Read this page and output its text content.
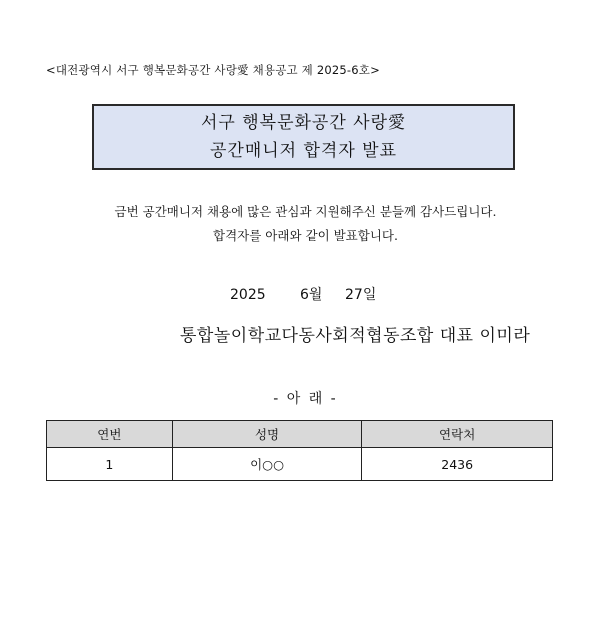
<대전광역시 서구 행복문화공간 사랑愛 채용공고 제 2025-6호>
서구 행복문화공간 사랑愛
공간매니저 합격자 발표
금번 공간매니저 채용에 많은 관심과 지원해주신 분들께 감사드립니다.
합격자를 아래와 같이 발표합니다.
2025 6월 27일
통합놀이학교다동사회적협동조합 대표 이미라
- 아 래 -
연번	성명	연락처
1	이○○	2436
